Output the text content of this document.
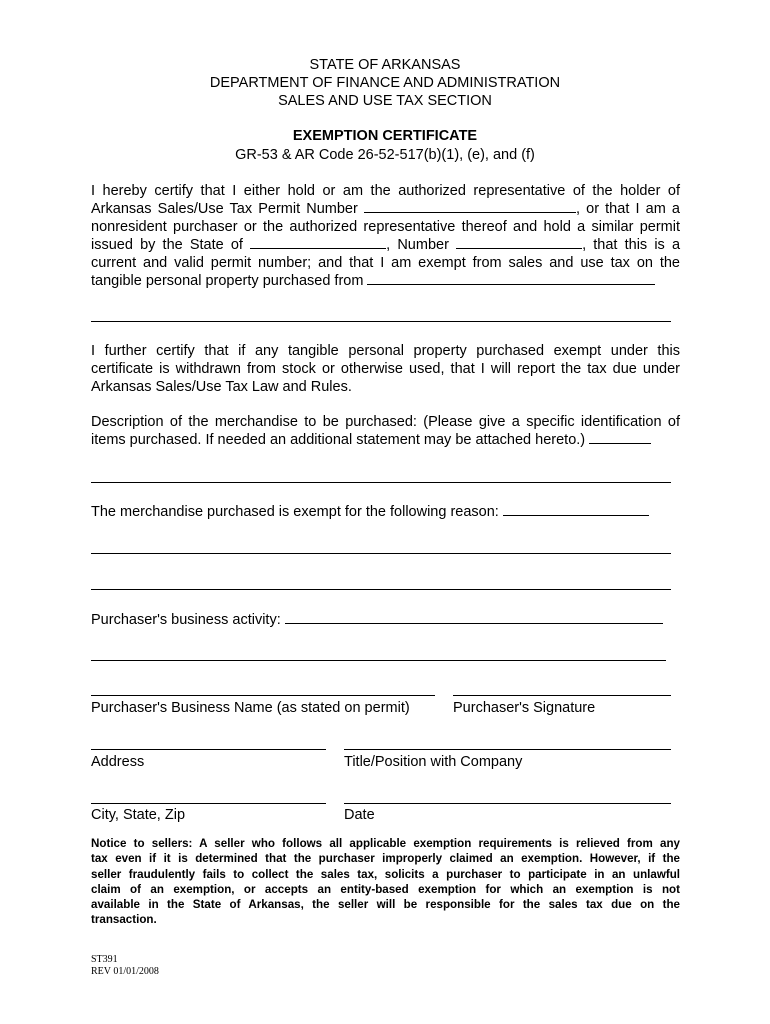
STATE OF ARKANSAS
DEPARTMENT OF FINANCE AND ADMINISTRATION
SALES AND USE TAX SECTION
EXEMPTION CERTIFICATE
GR-53 & AR Code 26-52-517(b)(1), (e), and (f)
I hereby certify that I either hold or am the authorized representative of the holder of
Arkansas Sales/Use Tax Permit Number	, or that I am a
nonresident purchaser or the authorized representative thereof and hold a similar permit
issued by the State of	, Number	, that this is a
current and valid permit number; and that I am exempt from sales and use tax on the
tangible personal property purchased from
I further certify that if any tangible personal property purchased exempt under this
certificate is withdrawn from stock or otherwise used, that I will report the tax due under
Arkansas Sales/Use Tax Law and Rules.
Description of the merchandise to be purchased: (Please give a specific identification of
items purchased. If needed an additional statement may be attached hereto.)
The merchandise purchased is exempt for the following reason:
Purchaser's business activity:
Purchaser's Business Name (as stated on permit)	Purchaser's Signature
Address	Title/Position with Company
City, State, Zip	Date
Notice to sellers: A seller who follows all applicable exemption requirements is relieved from any
tax even if it is determined that the purchaser improperly claimed an exemption. However, if the
seller fraudulently fails to collect the sales tax, solicits a purchaser to participate in an unlawful
claim of an exemption, or accepts an entity-based exemption for which an exemption is not
available in the State of Arkansas, the seller will be responsible for the sales tax due on the
transaction.
ST391
REV 01/01/2008
